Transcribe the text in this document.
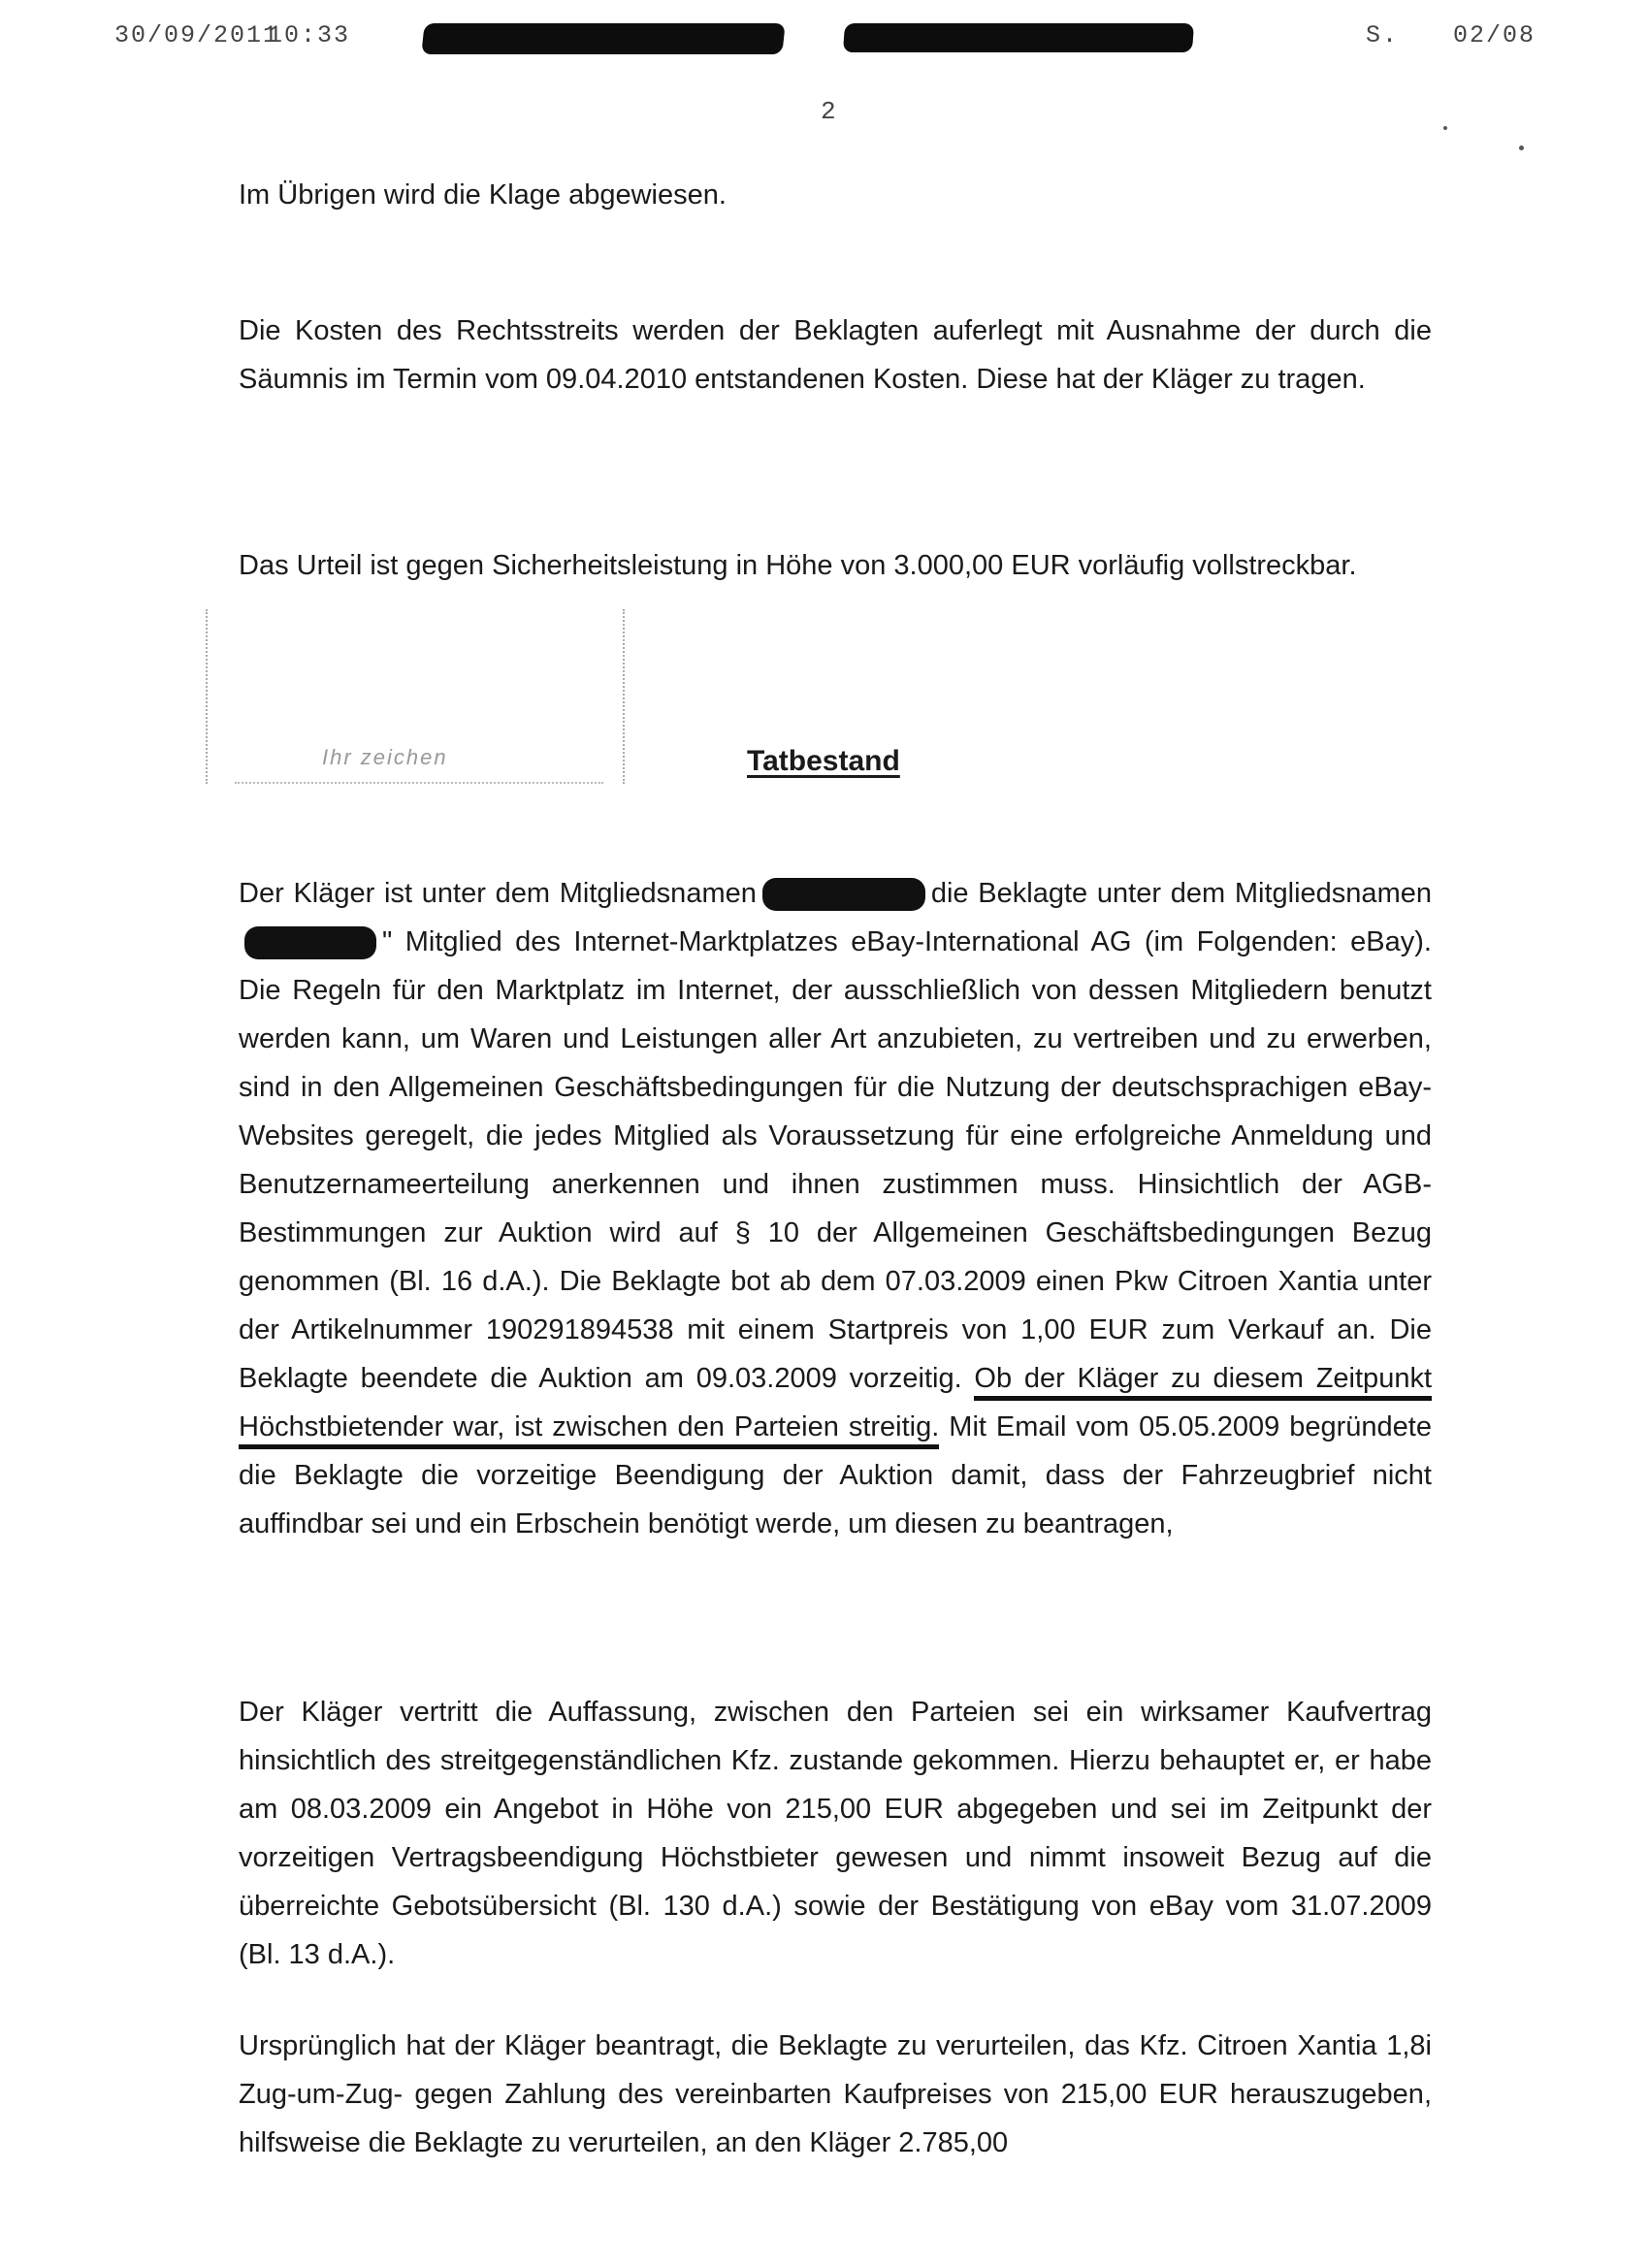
30/09/2011
10:33	S. 02/08
2
Im Übrigen wird die Klage abgewiesen.
Die Kosten des Rechtsstreits werden der Beklagten auferlegt mit Ausnahme der durch die Säumnis im Termin vom 09.04.2010 entstandenen Kosten. Diese hat der Kläger zu tragen.
Das Urteil ist gegen Sicherheitsleistung in Höhe von 3.000,00 EUR vorläufig vollstreckbar.
Ihr zeichen	Tatbestand
Der Kläger ist unter dem Mitgliedsnamen	die Beklagte unter dem Mitgliedsnamen" Mitglied des Internet-Marktplatzes eBay-International AG (im Folgenden: eBay). Die Regeln für den Marktplatz im Internet, der ausschließlich von dessen Mitgliedern benutzt werden kann, um Waren und Leistungen aller Art anzubieten, zu vertreiben und zu erwerben, sind in den Allgemeinen Geschäftsbedingungen für die Nutzung der deutschsprachigen eBay-Websites geregelt, die jedes Mitglied als Voraussetzung für eine erfolgreiche Anmeldung und Benutzernameerteilung anerkennen und ihnen zustimmen muss. Hinsichtlich der AGB-Bestimmungen zur Auktion wird auf § 10 der Allgemeinen Geschäftsbedingungen Bezug genommen (Bl. 16 d.A.). Die Beklagte bot ab dem 07.03.2009 einen Pkw Citroen Xantia unter der Artikelnummer 190291894538 mit einem Startpreis von 1,00 EUR zum Verkauf an. Die Beklagte beendete die Auktion am 09.03.2009 vorzeitig. Ob der Kläger zu diesem Zeitpunkt Höchstbietender war, ist zwischen den Parteien streitig. Mit Email vom 05.05.2009 begründete die Beklagte die vorzeitige Beendigung der Auktion damit, dass der Fahrzeugbrief nicht auffindbar sei und ein Erbschein benötigt werde, um diesen zu beantragen,
Der Kläger vertritt die Auffassung, zwischen den Parteien sei ein wirksamer Kaufvertrag hinsichtlich des streitgegenständlichen Kfz. zustande gekommen. Hierzu behauptet er, er habe am 08.03.2009 ein Angebot in Höhe von 215,00 EUR abgegeben und sei im Zeitpunkt der vorzeitigen Vertragsbeendigung Höchstbieter gewesen und nimmt insoweit Bezug auf die überreichte Gebotsübersicht (Bl. 130 d.A.) sowie der Bestätigung von eBay vom 31.07.2009 (Bl. 13 d.A.).
Ursprünglich hat der Kläger beantragt, die Beklagte zu verurteilen, das Kfz. Citroen Xantia 1,8i Zug-um-Zug- gegen Zahlung des vereinbarten Kaufpreises von 215,00 EUR herauszugeben, hilfsweise die Beklagte zu verurteilen, an den Kläger 2.785,00
